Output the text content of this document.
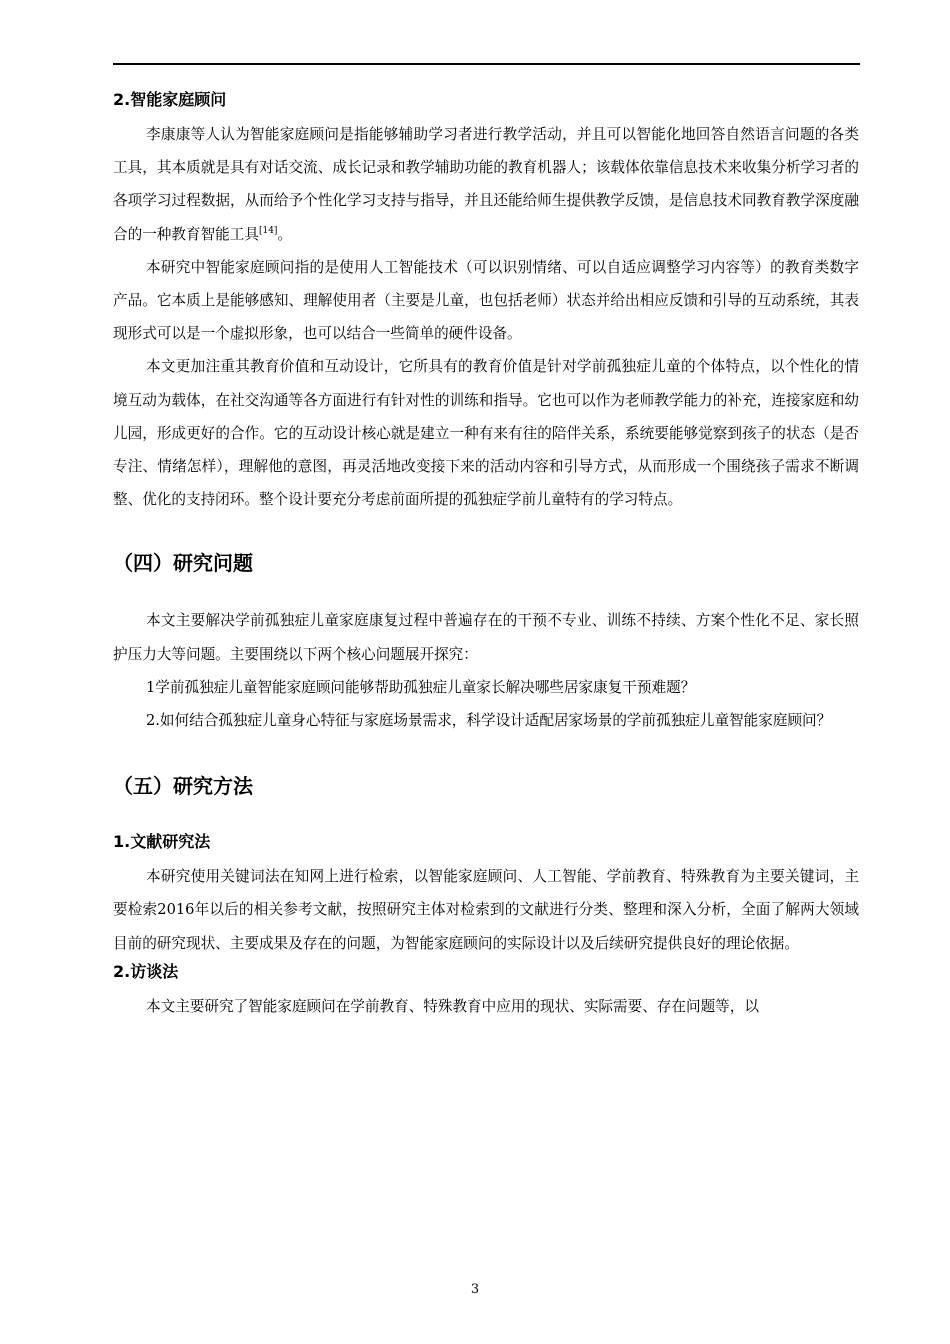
2.智能家庭顾问

李康康等人认为智能家庭顾问是指能够辅助学习者进行教学活动，并且可以智能化地回答自然语言问题的各类工具，其本质就是具有对话交流、成长记录和教学辅助功能的教育机器人；该载体依靠信息技术来收集分析学习者的各项学习过程数据，从而给予个性化学习支持与指导，并且还能给师生提供教学反馈，是信息技术同教育教学深度融合的一种教育智能工具[14]。

本研究中智能家庭顾问指的是使用人工智能技术（可以识别情绪、可以自适应调整学习内容等）的教育类数字产品。它本质上是能够感知、理解使用者（主要是儿童，也包括老师）状态并给出相应反馈和引导的互动系统，其表现形式可以是一个虚拟形象，也可以结合一些简单的硬件设备。

本文更加注重其教育价值和互动设计，它所具有的教育价值是针对学前孤独症儿童的个体特点，以个性化的情境互动为载体，在社交沟通等各方面进行有针对性的训练和指导。它也可以作为老师教学能力的补充，连接家庭和幼儿园，形成更好的合作。它的互动设计核心就是建立一种有来有往的陪伴关系，系统要能够觉察到孩子的状态（是否专注、情绪怎样），理解他的意图，再灵活地改变接下来的活动内容和引导方式，从而形成一个围绕孩子需求不断调整、优化的支持闭环。整个设计要充分考虑前面所提的孤独症学前儿童特有的学习特点。

（四）研究问题

本文主要解决学前孤独症儿童家庭康复过程中普遍存在的干预不专业、训练不持续、方案个性化不足、家长照护压力大等问题。主要围绕以下两个核心问题展开探究：

1学前孤独症儿童智能家庭顾问能够帮助孤独症儿童家长解决哪些居家康复干预难题？

2.如何结合孤独症儿童身心特征与家庭场景需求，科学设计适配居家场景的学前孤独症儿童智能家庭顾问？

（五）研究方法
1.文献研究法

本研究使用关键词法在知网上进行检索，以智能家庭顾问、人工智能、学前教育、特殊教育为主要关键词，主要检索2016年以后的相关参考文献，按照研究主体对检索到的文献进行分类、整理和深入分析，全面了解两大领域目前的研究现状、主要成果及存在的问题，为智能家庭顾问的实际设计以及后续研究提供良好的理论依据。

2.访谈法

本文主要研究了智能家庭顾问在学前教育、特殊教育中应用的现状、实际需要、存在问题等，以

3
